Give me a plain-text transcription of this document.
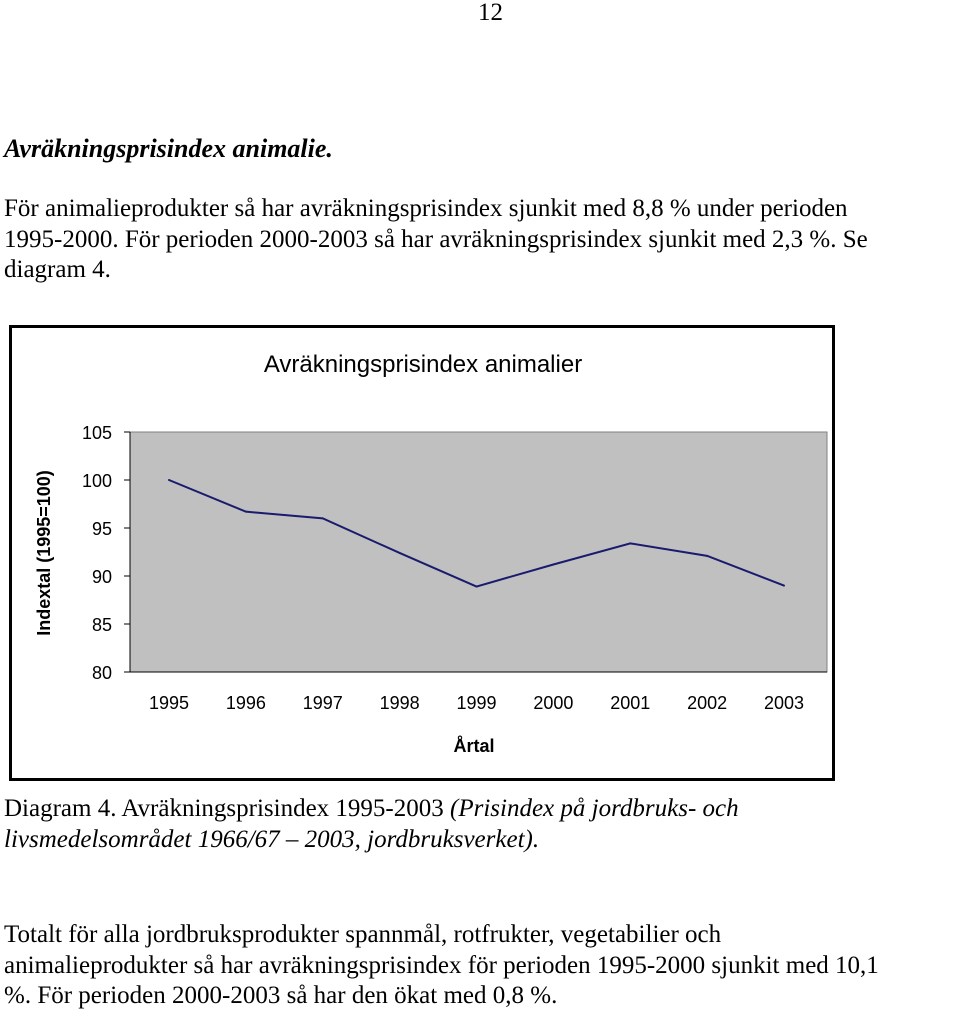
12
Avräkningsprisindex animalie.
För animalieprodukter så har avräkningsprisindex sjunkit med 8,8 % under perioden
1995-2000. För perioden 2000-2003 så har avräkningsprisindex sjunkit med 2,3 %. Se
diagram 4.
Avräkningsprisindex animalier
Indextal (1995=100)
Årtal
80
85
90
95
100
105
1995 1996 1997 1998 1999 2000 2001 2002 2003
Diagram 4. Avräkningsprisindex 1995-2003 (Prisindex på jordbruks- och
livsmedelsområdet 1966/67 – 2003, jordbruksverket).
Totalt för alla jordbruksprodukter spannmål, rotfrukter, vegetabilier och
animalieprodukter så har avräkningsprisindex för perioden 1995-2000 sjunkit med 10,1
%. För perioden 2000-2003 så har den ökat med 0,8 %.
